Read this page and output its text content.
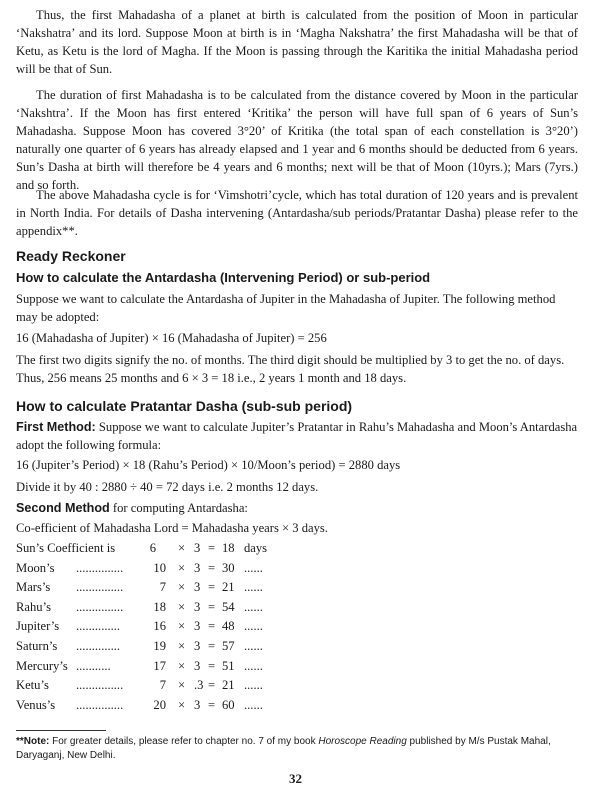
Thus, the first Mahadasha of a planet at birth is calculated from the position of Moon in particular ‘Nakshatra’ and its lord. Suppose Moon at birth is in ‘Magha Nakshatra’ the first Mahadasha will be that of Ketu, as Ketu is the lord of Magha. If the Moon is passing through the Karitika the initial Mahadasha period will be that of Sun.

The duration of first Mahadasha is to be calculated from the distance covered by Moon in the particular ‘Nakshtra’. If the Moon has first entered ‘Kritika’ the person will have full span of 6 years of Sun’s Mahadasha. Suppose Moon has covered 3°20’ of Kritika (the total span of each constellation is 3°20’) naturally one quarter of 6 years has already elapsed and 1 year and 6 months should be deducted from 6 years. Sun’s Dasha at birth will therefore be 4 years and 6 months; next will be that of Moon (10yrs.); Mars (7yrs.) and so forth.

The above Mahadasha cycle is for ‘Vimshotri’cycle, which has total duration of 120 years and is prevalent in North India. For details of Dasha intervening (Antardasha/sub periods/Pratantar Dasha) please refer to the appendix**.

Ready Reckoner
How to calculate the Antardasha (Intervening Period) or sub-period

Suppose we want to calculate the Antardasha of Jupiter in the Mahadasha of Jupiter. The following method may be adopted:

16 (Mahadasha of Jupiter) × 16 (Mahadasha of Jupiter) = 256

The first two digits signify the no. of months. The third digit should be multiplied by 3 to get the no. of days. Thus, 256 means 25 months and 6 × 3 = 18 i.e., 2 years 1 month and 18 days.

How to calculate Pratantar Dasha (sub-sub period)

First Method: Suppose we want to calculate Jupiter’s Pratantar in Rahu’s Mahadasha and Moon’s Antardasha adopt the following formula:

16 (Jupiter’s Period) × 18 (Rahu’s Period) × 10/Moon’s period) = 2880 days

Divide it by 40 : 2880 ÷ 40 = 72 days i.e. 2 months 12 days.

Second Method for computing Antardasha:

Co-efficient of Mahadasha Lord = Mahadasha years × 3 days.

Sun’s Coefficient is	6 × 3 = 18 days
Moon’s ............... 10 × 3 = 30 ......
Mars’s ...............	7 × 3 = 21 ......
Rahu’s ............... 18 × 3 = 54 ......
Jupiter’s ..............	16 × 3 = 48 ......
Saturn’s ..............	19 × 3 = 57 ......
Mercury’s ...........	17 × 3 = 51 ......
Ketu’s ...............	7 × .3 = 21 ......
Venus’s ............... 20 × 3 = 60 ......
**Note: For greater details, please refer to chapter no. 7 of my book Horoscope Reading published by M/s Pustak Mahal, Daryaganj, New Delhi.
32
